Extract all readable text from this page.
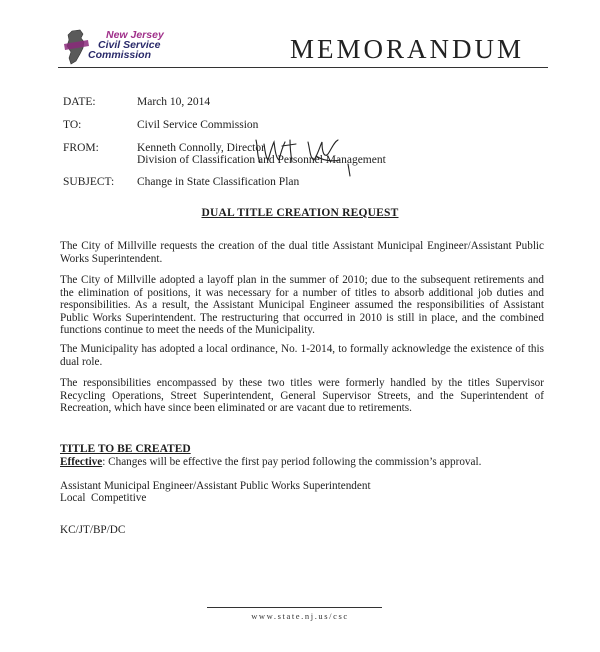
New Jersey
Civil Service
Commission	MEMORANDUM
DATE:	March 10, 2014
TO:	Civil Service Commission
FROM:	Kenneth Connolly, Director
Division of Classification and Personnel Management
SUBJECT: Change in State Classification Plan
DUAL TITLE CREATION REQUEST
The City of Millville requests the creation of the dual title Assistant Municipal Engineer/Assistant Public Works Superintendent.
The City of Millville adopted a layoff plan in the summer of 2010; due to the subsequent retirements and the elimination of positions, it was necessary for a number of titles to absorb additional job duties and responsibilities. As a result, the Assistant Municipal Engineer assumed the responsibilities of Assistant Public Works Superintendent. The restructuring that occurred in 2010 is still in place, and the combined functions continue to meet the needs of the Municipality.
The Municipality has adopted a local ordinance, No. 1-2014, to formally acknowledge the existence of this dual role.
The responsibilities encompassed by these two titles were formerly handled by the titles Supervisor Recycling Operations, Street Superintendent, General Supervisor Streets, and the Superintendent of Recreation, which have since been eliminated or are vacant due to retirements.
TITLE TO BE CREATED
Effective: Changes will be effective the first pay period following the commission’s approval.
Assistant Municipal Engineer/Assistant Public Works Superintendent
Local  Competitive
KC/JT/BP/DC
www.state.nj.us/csc
